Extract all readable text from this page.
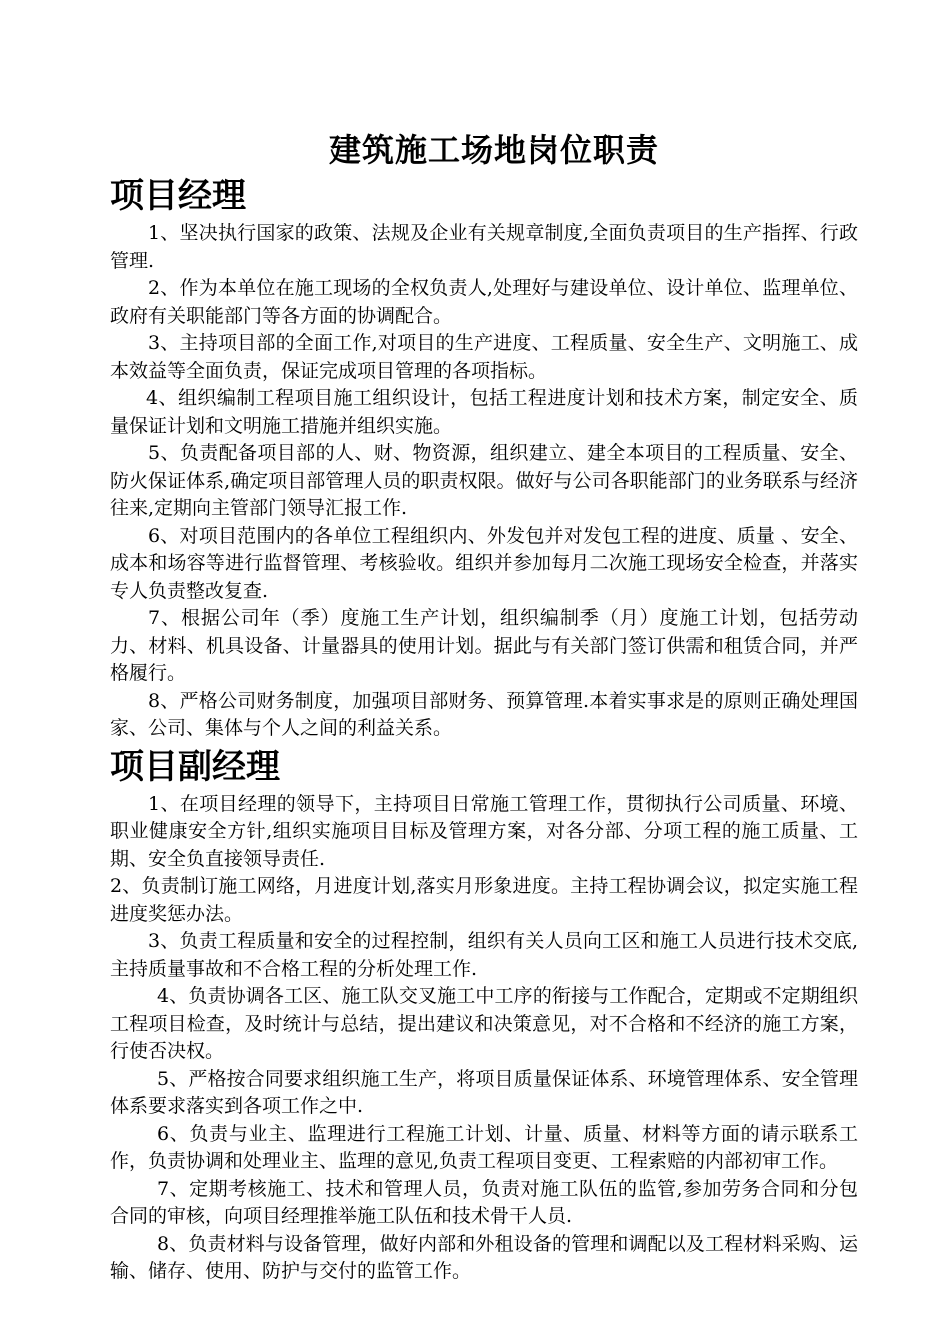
建筑施工场地岗位职责
项目经理

1、坚决执行国家的政策、法规及企业有关规章制度,全面负责项目的生产指挥、行政管理.

2、作为本单位在施工现场的全权负责人,处理好与建设单位、设计单位、监理单位、政府有关职能部门等各方面的协调配合。

3、主持项目部的全面工作,对项目的生产进度、工程质量、安全生产、文明施工、成本效益等全面负责，保证完成项目管理的各项指标。

4、组织编制工程项目施工组织设计，包括工程进度计划和技术方案，制定安全、质量保证计划和文明施工措施并组织实施。

5、负责配备项目部的人、财、物资源，组织建立、建全本项目的工程质量、安全、防火保证体系,确定项目部管理人员的职责权限。做好与公司各职能部门的业务联系与经济往来,定期向主管部门领导汇报工作.

6、对项目范围内的各单位工程组织内、外发包并对发包工程的进度、质量 、安全、成本和场容等进行监督管理、考核验收。组织并参加每月二次施工现场安全检查，并落实专人负责整改复查.

7、根据公司年（季）度施工生产计划，组织编制季（月）度施工计划，包括劳动力、材料、机具设备、计量器具的使用计划。据此与有关部门签订供需和租赁合同，并严格履行。

8、严格公司财务制度，加强项目部财务、预算管理.本着实事求是的原则正确处理国家、公司、集体与个人之间的利益关系。

项目副经理

1、在项目经理的领导下，主持项目日常施工管理工作，贯彻执行公司质量、环境、职业健康安全方针,组织实施项目目标及管理方案，对各分部、分项工程的施工质量、工期、安全负直接领导责任.

2、负责制订施工网络，月进度计划,落实月形象进度。主持工程协调会议，拟定实施工程进度奖惩办法。

3、负责工程质量和安全的过程控制，组织有关人员向工区和施工人员进行技术交底,主持质量事故和不合格工程的分析处理工作.

4、负责协调各工区、施工队交叉施工中工序的衔接与工作配合，定期或不定期组织工程项目检查，及时统计与总结，提出建议和决策意见，对不合格和不经济的施工方案，行使否决权。

5、严格按合同要求组织施工生产，将项目质量保证体系、环境管理体系、安全管理体系要求落实到各项工作之中.

6、负责与业主、监理进行工程施工计划、计量、质量、材料等方面的请示联系工作，负责协调和处理业主、监理的意见,负责工程项目变更、工程索赔的内部初审工作。

7、定期考核施工、技术和管理人员，负责对施工队伍的监管,参加劳务合同和分包合同的审核，向项目经理推举施工队伍和技术骨干人员.

8、负责材料与设备管理，做好内部和外租设备的管理和调配以及工程材料采购、运输、储存、使用、防护与交付的监管工作。
